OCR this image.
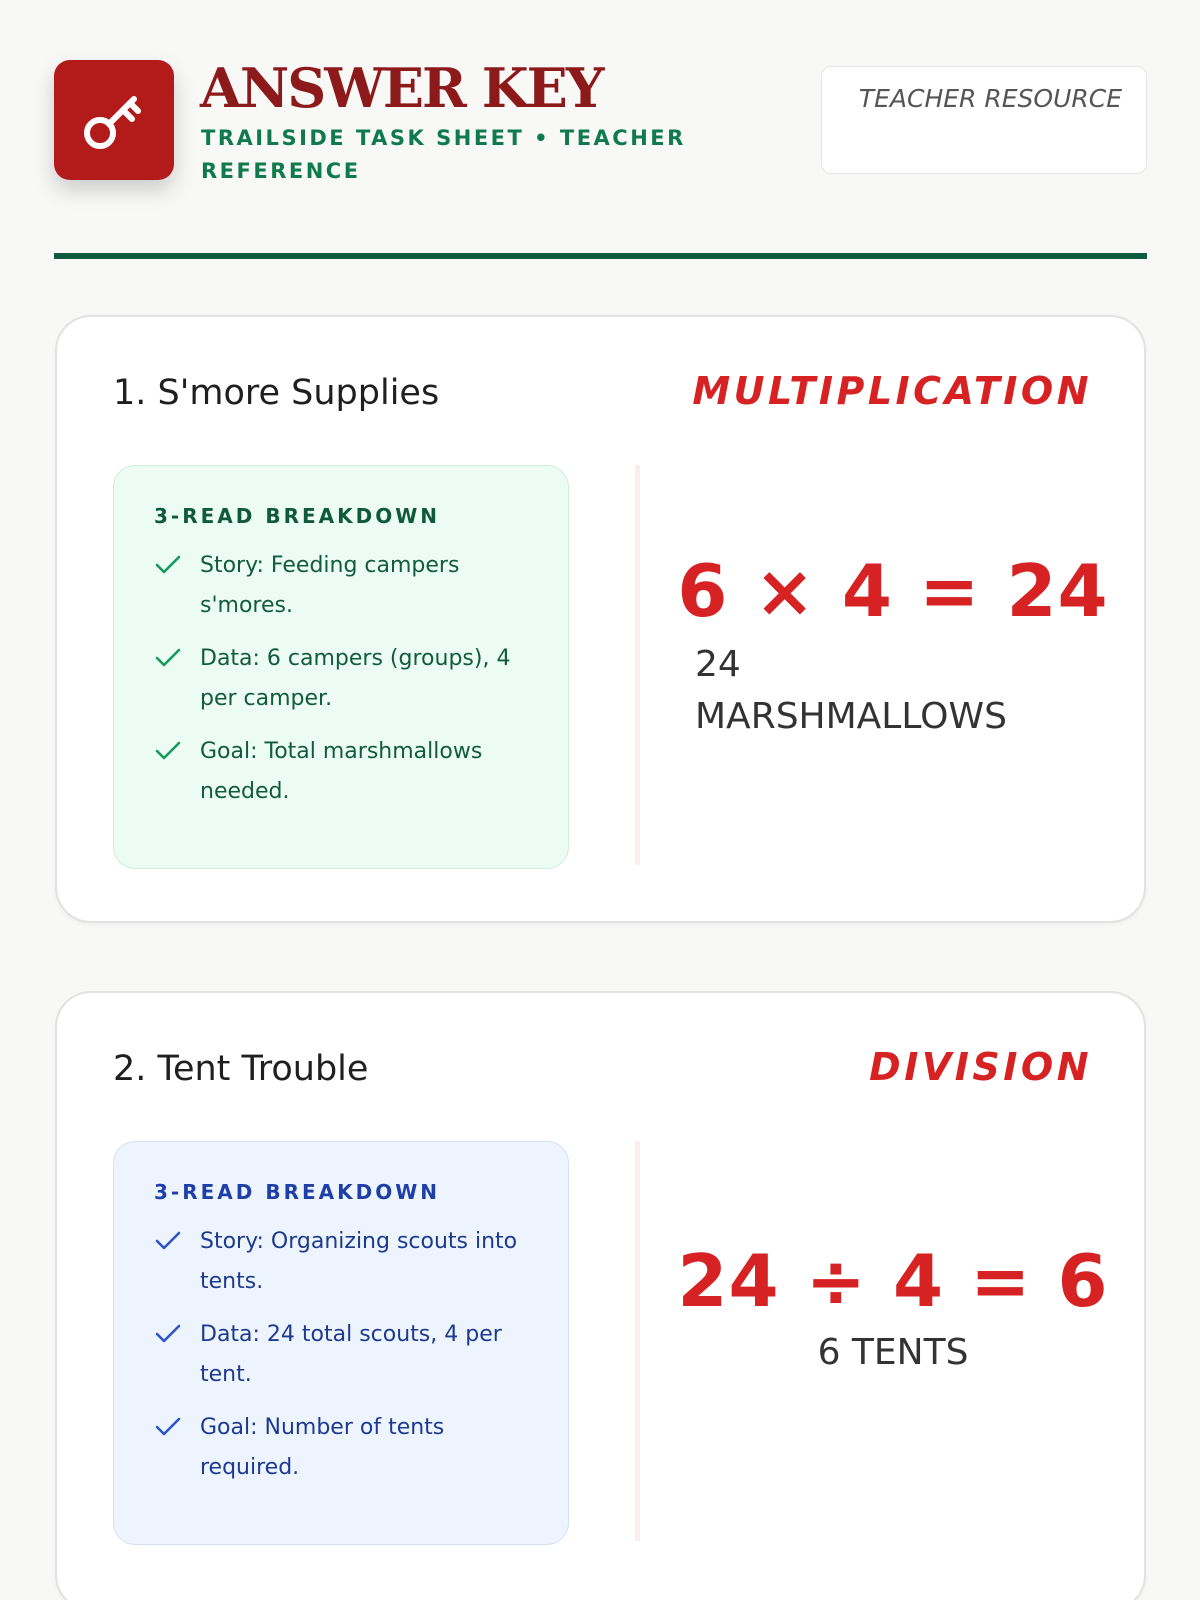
ANSWER KEY
TRAILSIDE TASK SHEET • TEACHER REFERENCE
TEACHER RESOURCE
1. S'more Supplies	MULTIPLICATION
3-READ BREAKDOWN
Story: Feeding campers s'mores.
Data: 6 campers (groups), 4 per camper.
Goal: Total marshmallows needed.
6 × 4 = 24
24 MARSHMALLOWS
2. Tent Trouble	DIVISION
3-READ BREAKDOWN
Story: Organizing scouts into tents.
Data: 24 total scouts, 4 per tent.
Goal: Number of tents required.
24 ÷ 4 = 6
6 TENTS
